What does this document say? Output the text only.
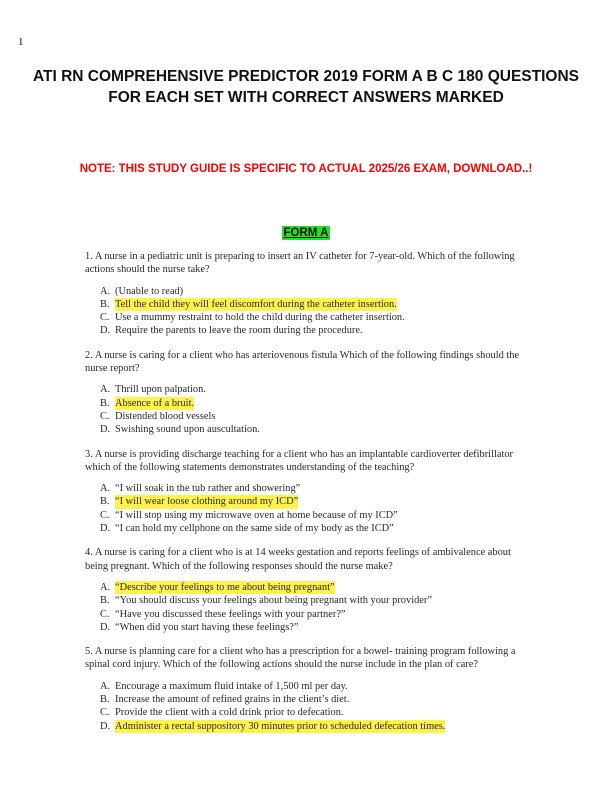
1
ATI RN COMPREHENSIVE PREDICTOR 2019 FORM A B C 180 QUESTIONS FOR EACH SET WITH CORRECT ANSWERS MARKED
NOTE: THIS STUDY GUIDE IS SPECIFIC TO ACTUAL 2025/26 EXAM, DOWNLOAD..!
FORM A

1. A nurse in a pediatric unit is preparing to insert an IV catheter for 7-year-old. Which of the following actions should the nurse take?

A. (Unable to read)
B. Tell the child they will feel discomfort during the catheter insertion.
C. Use a mummy restraint to hold the child during the catheter insertion.
D. Require the parents to leave the room during the procedure.

2. A nurse is caring for a client who has arteriovenous fistula Which of the following findings should the nurse report?

A. Thrill upon palpation.
B. Absence of a bruit.
C. Distended blood vessels
D. Swishing sound upon auscultation.

3. A nurse is providing discharge teaching for a client who has an implantable cardioverter defibrillator which of the following statements demonstrates understanding of the teaching?

A. “I will soak in the tub rather and showering”
B. “I will wear loose clothing around my ICD”
C. “I will stop using my microwave oven at home because of my ICD”
D. “I can hold my cellphone on the same side of my body as the ICD”

4. A nurse is caring for a client who is at 14 weeks gestation and reports feelings of ambivalence about being pregnant. Which of the following responses should the nurse make?

A. “Describe your feelings to me about being pregnant”
B. “You should discuss your feelings about being pregnant with your provider”
C. “Have you discussed these feelings with your partner?”
D. “When did you start having these feelings?”

5. A nurse is planning care for a client who has a prescription for a bowel- training program following a spinal cord injury. Which of the following actions should the nurse include in the plan of care?

A. Encourage a maximum fluid intake of 1,500 ml per day.
B. Increase the amount of refined grains in the client’s diet.
C. Provide the client with a cold drink prior to defecation.
D. Administer a rectal suppository 30 minutes prior to scheduled defecation times.
